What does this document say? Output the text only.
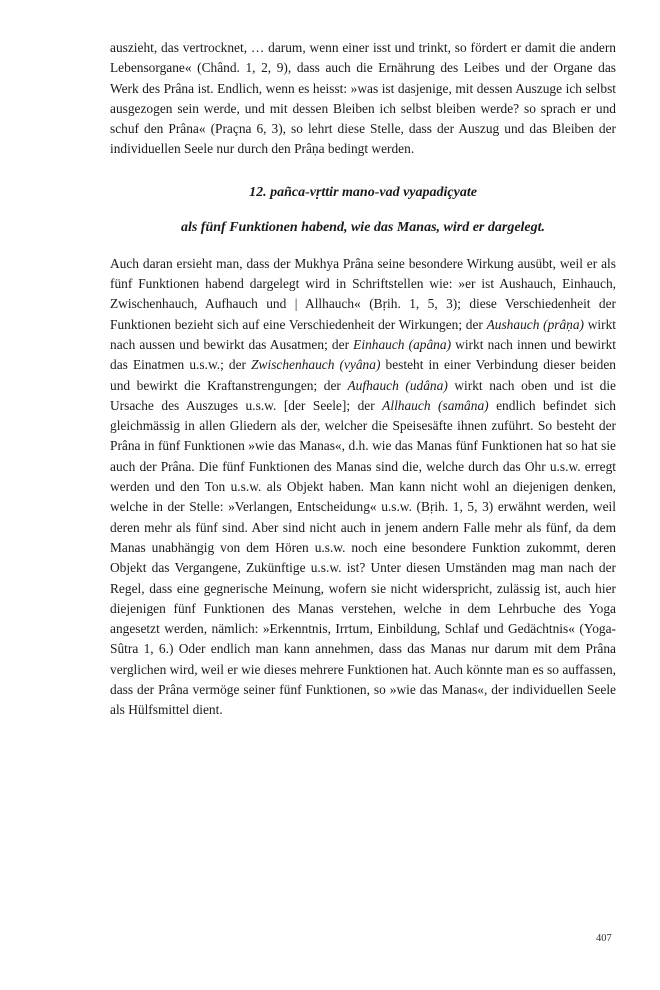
auszieht, das vertrocknet, … darum, wenn einer isst und trinkt, so fördert er damit die andern Lebensorgane« (Chând. 1, 2, 9), dass auch die Ernährung des Leibes und der Organe das Werk des Prâna ist. Endlich, wenn es heisst: »was ist dasjenige, mit dessen Auszuge ich selbst ausgezogen sein werde, und mit dessen Bleiben ich selbst bleiben werde? so sprach er und schuf den Prâna« (Praçna 6, 3), so lehrt diese Stelle, dass der Auszug und das Bleiben der individuellen Seele nur durch den Prâṇa bedingt werden.

12. pañca-vṛttir mano-vad vyapadiçyate
als fünf Funktionen habend, wie das Manas, wird er dargelegt.

Auch daran ersieht man, dass der Mukhya Prâna seine besondere Wirkung ausübt, weil er als fünf Funktionen habend dargelegt wird in Schriftstellen wie: »er ist Aushauch, Einhauch, Zwischenhauch, Aufhauch und | Allhauch« (Bṛih. 1, 5, 3); diese Verschiedenheit der Funktionen bezieht sich auf eine Verschiedenheit der Wirkungen; der Aushauch (prâṇa) wirkt nach aussen und bewirkt das Ausatmen; der Einhauch (apâna) wirkt nach innen und bewirkt das Einatmen u.s.w.; der Zwischenhauch (vyâna) besteht in einer Verbindung dieser beiden und bewirkt die Kraftanstrengungen; der Aufhauch (udâna) wirkt nach oben und ist die Ursache des Auszuges u.s.w. [der Seele]; der Allhauch (samâna) endlich befindet sich gleichmässig in allen Gliedern als der, welcher die Speisesäfte ihnen zuführt. So besteht der Prâna in fünf Funktionen »wie das Manas«, d.h. wie das Manas fünf Funktionen hat so hat sie auch der Prâna. Die fünf Funktionen des Manas sind die, welche durch das Ohr u.s.w. erregt werden und den Ton u.s.w. als Objekt haben. Man kann nicht wohl an diejenigen denken, welche in der Stelle: »Verlangen, Entscheidung« u.s.w. (Bṛih. 1, 5, 3) erwähnt werden, weil deren mehr als fünf sind. Aber sind nicht auch in jenem andern Falle mehr als fünf, da dem Manas unabhängig von dem Hören u.s.w. noch eine besondere Funktion zukommt, deren Objekt das Vergangene, Zukünftige u.s.w. ist? Unter diesen Umständen mag man nach der Regel, dass eine gegnerische Meinung, wofern sie nicht widerspricht, zulässig ist, auch hier diejenigen fünf Funktionen des Manas verstehen, welche in dem Lehrbuche des Yoga angesetzt werden, nämlich: »Erkenntnis, Irrtum, Einbildung, Schlaf und Gedächtnis« (Yoga-Sûtra 1, 6.) Oder endlich man kann annehmen, dass das Manas nur darum mit dem Prâna verglichen wird, weil er wie dieses mehrere Funktionen hat. Auch könnte man es so auffassen, dass der Prâna vermöge seiner fünf Funktionen, so »wie das Manas«, der individuellen Seele als Hülfsmittel dient.

407
